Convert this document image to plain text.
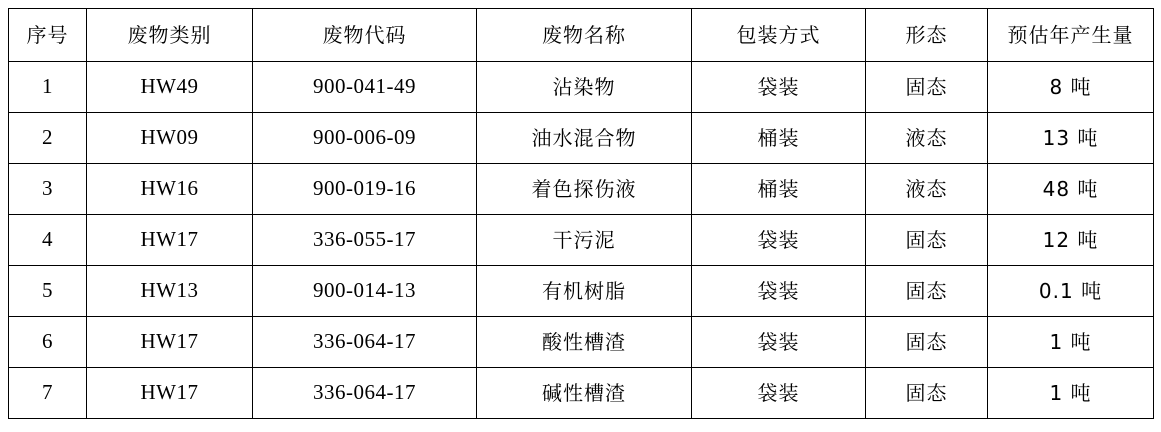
序号	废物类别	废物代码	废物名称	包装方式	形态	预估年产生量

1	HW49	900-041-49	沾染物	袋装	固态	8 吨

2	HW09	900-006-09	油水混合物	桶装	液态	13 吨

3	HW16	900-019-16	着色探伤液	桶装	液态	48 吨

4	HW17	336-055-17	干污泥	袋装	固态	12 吨

5	HW13	900-014-13	有机树脂	袋装	固态	0.1 吨

6	HW17	336-064-17	酸性槽渣	袋装	固态	1 吨

7	HW17	336-064-17	碱性槽渣	袋装	固态	1 吨
